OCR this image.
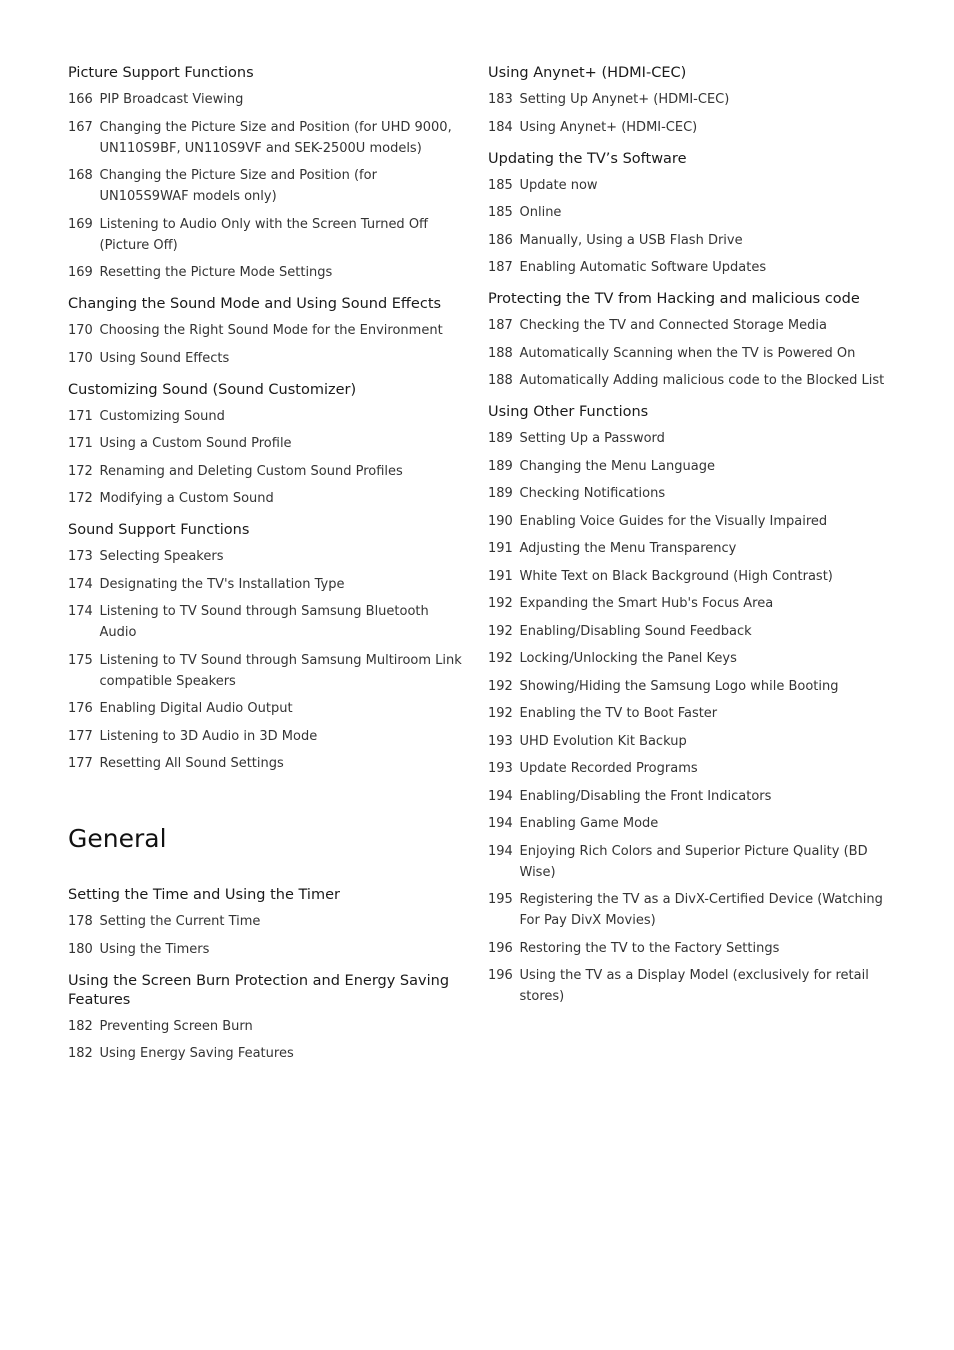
Picture Support Functions
166 PIP Broadcast Viewing
167 Changing the Picture Size and Position (for UHD 9000, UN110S9BF, UN110S9VF and SEK-2500U models)
168 Changing the Picture Size and Position (for UN105S9WAF models only)
169 Listening to Audio Only with the Screen Turned Off (Picture Off)
169 Resetting the Picture Mode Settings
Changing the Sound Mode and Using Sound Effects
170 Choosing the Right Sound Mode for the Environment
170 Using Sound Effects
Customizing Sound (Sound Customizer)
171 Customizing Sound
171 Using a Custom Sound Profile
172 Renaming and Deleting Custom Sound Profiles
172 Modifying a Custom Sound
Sound Support Functions
173 Selecting Speakers
174 Designating the TV's Installation Type
174 Listening to TV Sound through Samsung Bluetooth Audio
175 Listening to TV Sound through Samsung Multiroom Link compatible Speakers
176 Enabling Digital Audio Output
177 Listening to 3D Audio in 3D Mode
177 Resetting All Sound Settings
General
Setting the Time and Using the Timer
178 Setting the Current Time
180 Using the Timers
Using the Screen Burn Protection and Energy Saving Features
182 Preventing Screen Burn
182 Using Energy Saving Features
Using Anynet+ (HDMI-CEC)
183 Setting Up Anynet+ (HDMI-CEC)
184 Using Anynet+ (HDMI-CEC)
Updating the TV’s Software
185 Update now
185 Online
186 Manually, Using a USB Flash Drive
187 Enabling Automatic Software Updates
Protecting the TV from Hacking and malicious code
187 Checking the TV and Connected Storage Media
188 Automatically Scanning when the TV is Powered On
188 Automatically Adding malicious code to the Blocked List
Using Other Functions
189 Setting Up a Password
189 Changing the Menu Language
189 Checking Notifications
190 Enabling Voice Guides for the Visually Impaired
191 Adjusting the Menu Transparency
191 White Text on Black Background (High Contrast)
192 Expanding the Smart Hub's Focus Area
192 Enabling/Disabling Sound Feedback
192 Locking/Unlocking the Panel Keys
192 Showing/Hiding the Samsung Logo while Booting
192 Enabling the TV to Boot Faster
193 UHD Evolution Kit Backup
193 Update Recorded Programs
194 Enabling/Disabling the Front Indicators
194 Enabling Game Mode
194 Enjoying Rich Colors and Superior Picture Quality (BD Wise)
195 Registering the TV as a DivX-Certified Device (Watching For Pay DivX Movies)
196 Restoring the TV to the Factory Settings
196 Using the TV as a Display Model (exclusively for retail stores)
